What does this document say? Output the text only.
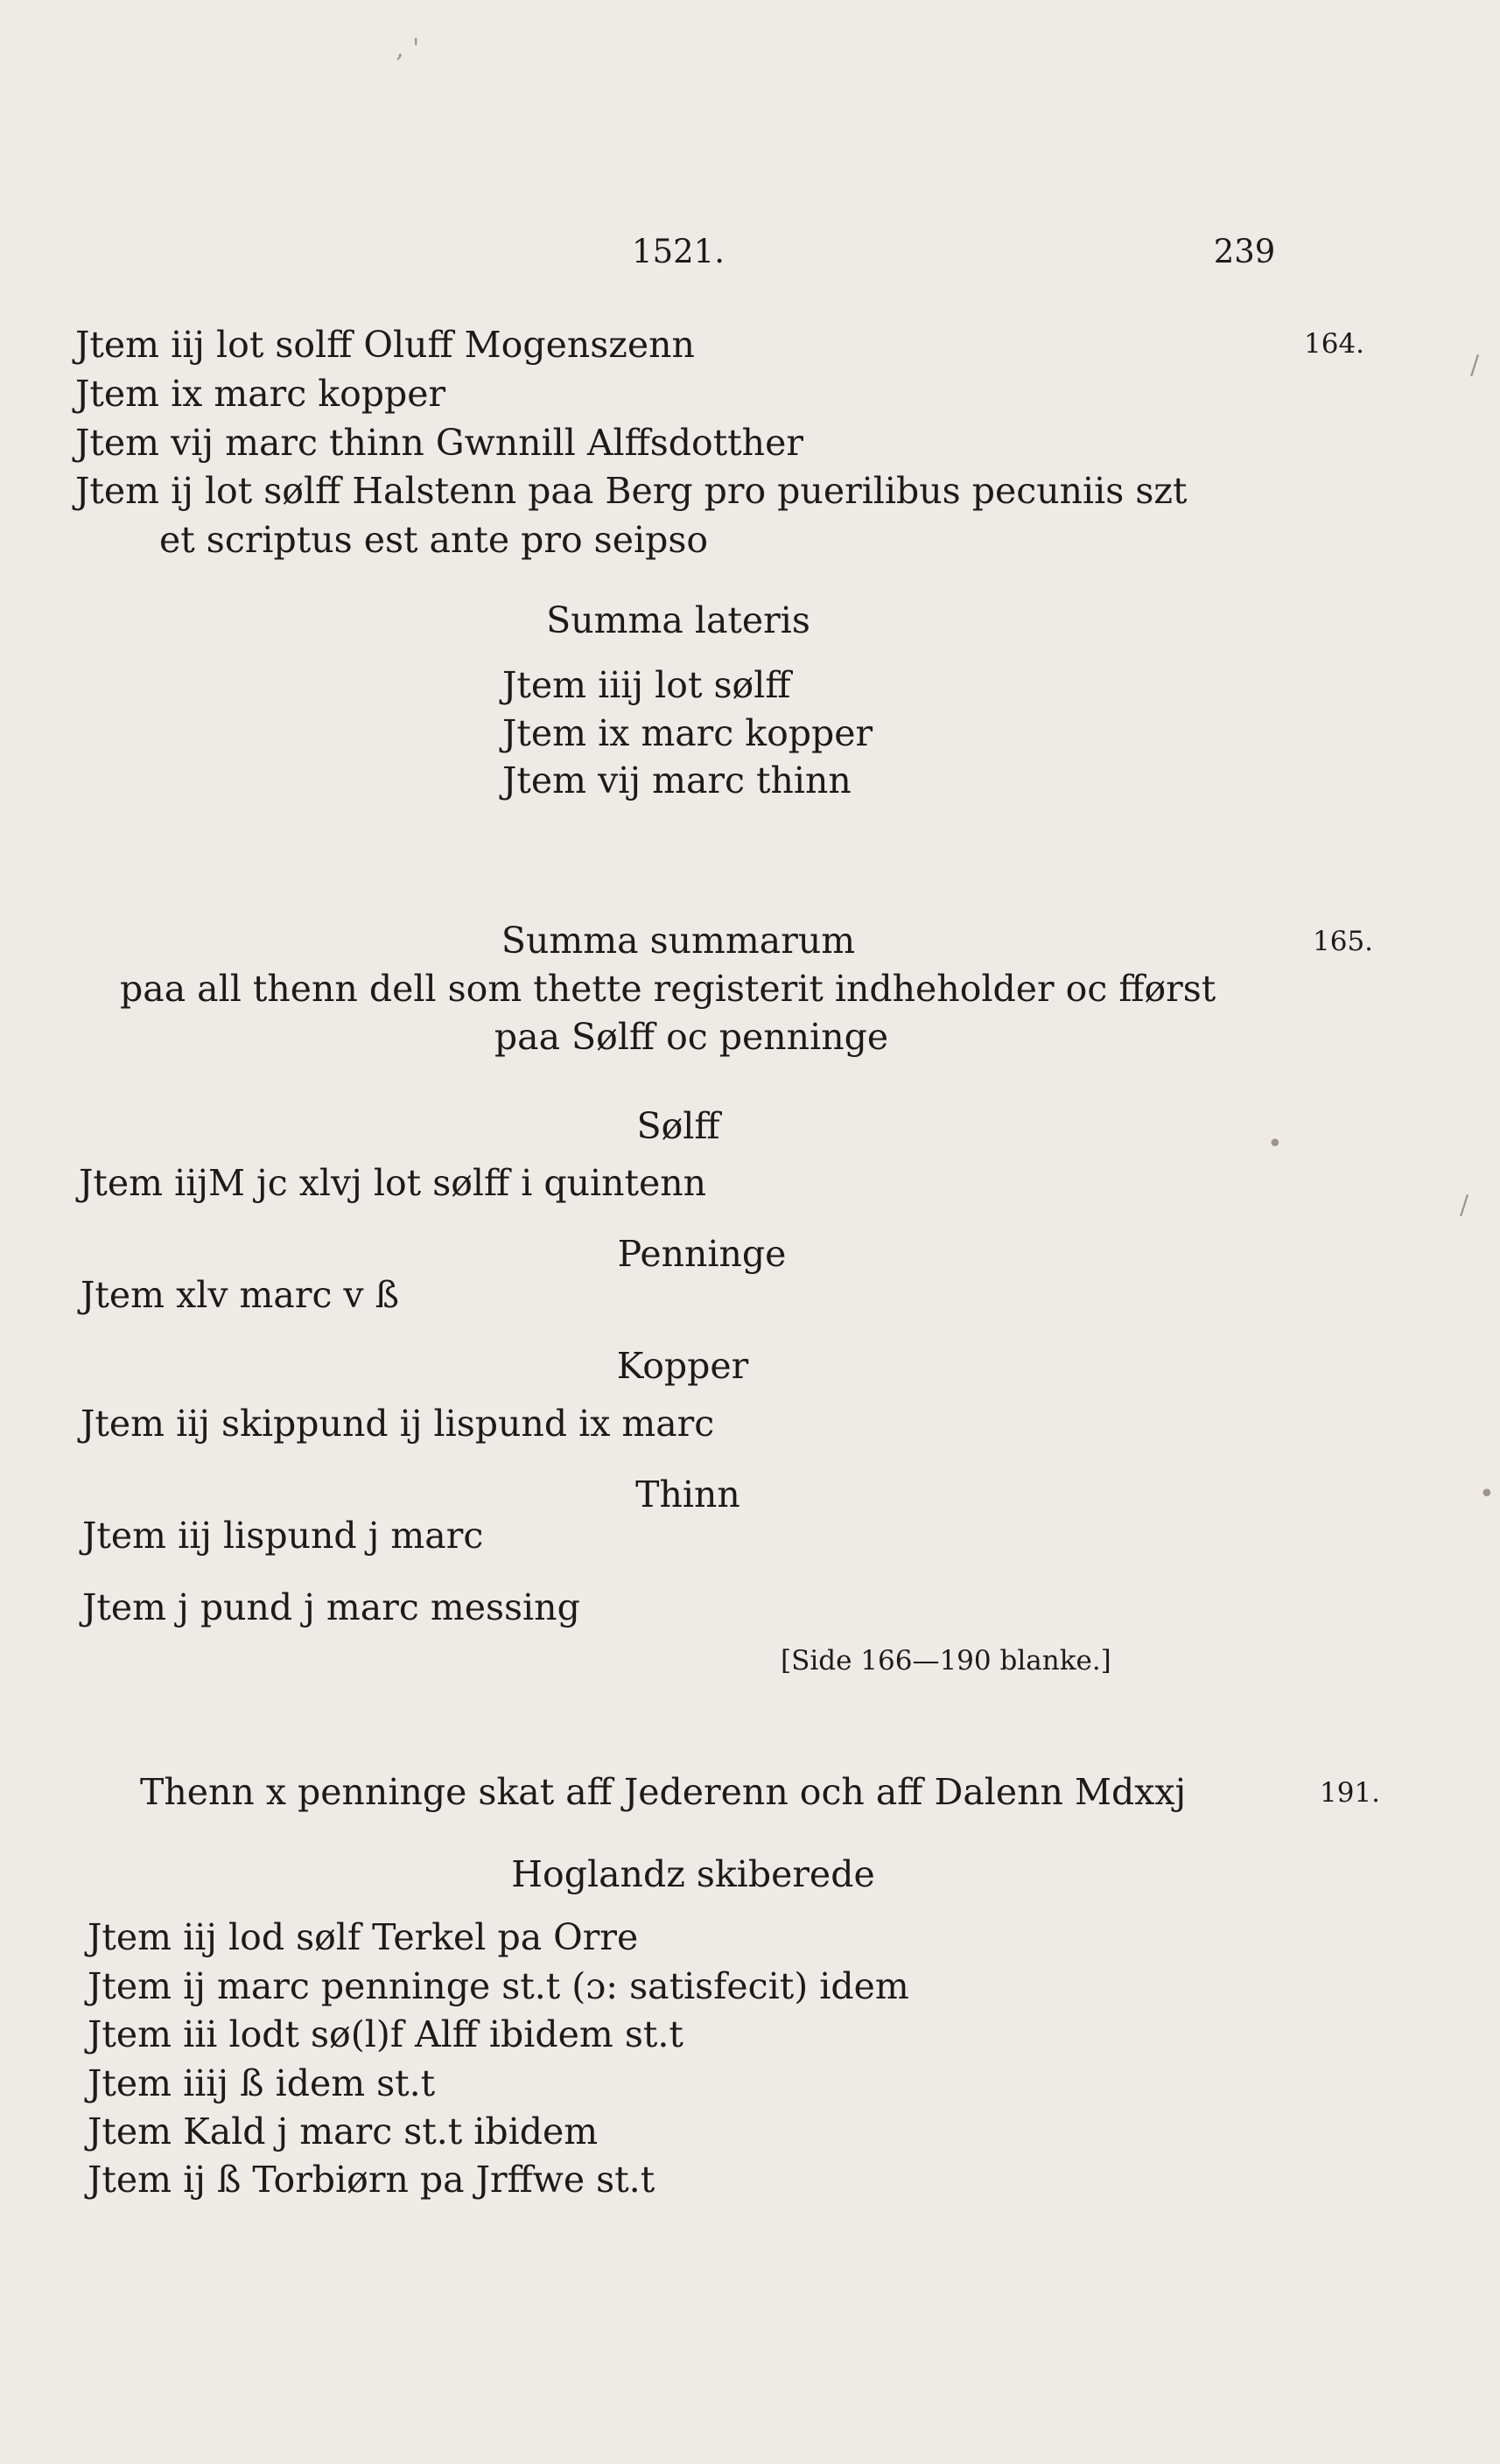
‚ '
/
•
/
•
1521.	239
164.
165.
191.
Jtem iij lot solff Oluff Mogenszenn
Jtem ix marc kopper
Jtem vij marc thinn Gwnnill Alffsdotther
Jtem ij lot sølff Halstenn paa Berg pro puerilibus pecuniis szt
et scriptus est ante pro seipso
Summa lateris
Jtem iiij lot sølff
Jtem ix marc kopper
Jtem vij marc thinn
Summa summarum
paa all thenn dell som thette registerit indheholder oc fførst
paa Sølff oc penninge
Sølff
Jtem iijM jc xlvj lot sølff i quintenn
Penninge
Jtem xlv marc v ß
Kopper
Jtem iij skippund ij lispund ix marc
Thinn
Jtem iij lispund j marc
Jtem j pund j marc messing
[Side 166—190 blanke.]
Thenn x penninge skat aff Jederenn och aff Dalenn Mdxxj
Hoglandz skiberede
Jtem iij lod sølf Terkel pa Orre
Jtem ij marc penninge st.t (ɔ: satisfecit) idem
Jtem iii lodt sø(l)f Alff ibidem st.t
Jtem iiij ß idem st.t
Jtem Kald j marc st.t ibidem
Jtem ij ß Torbiørn pa Jrffwe st.t
